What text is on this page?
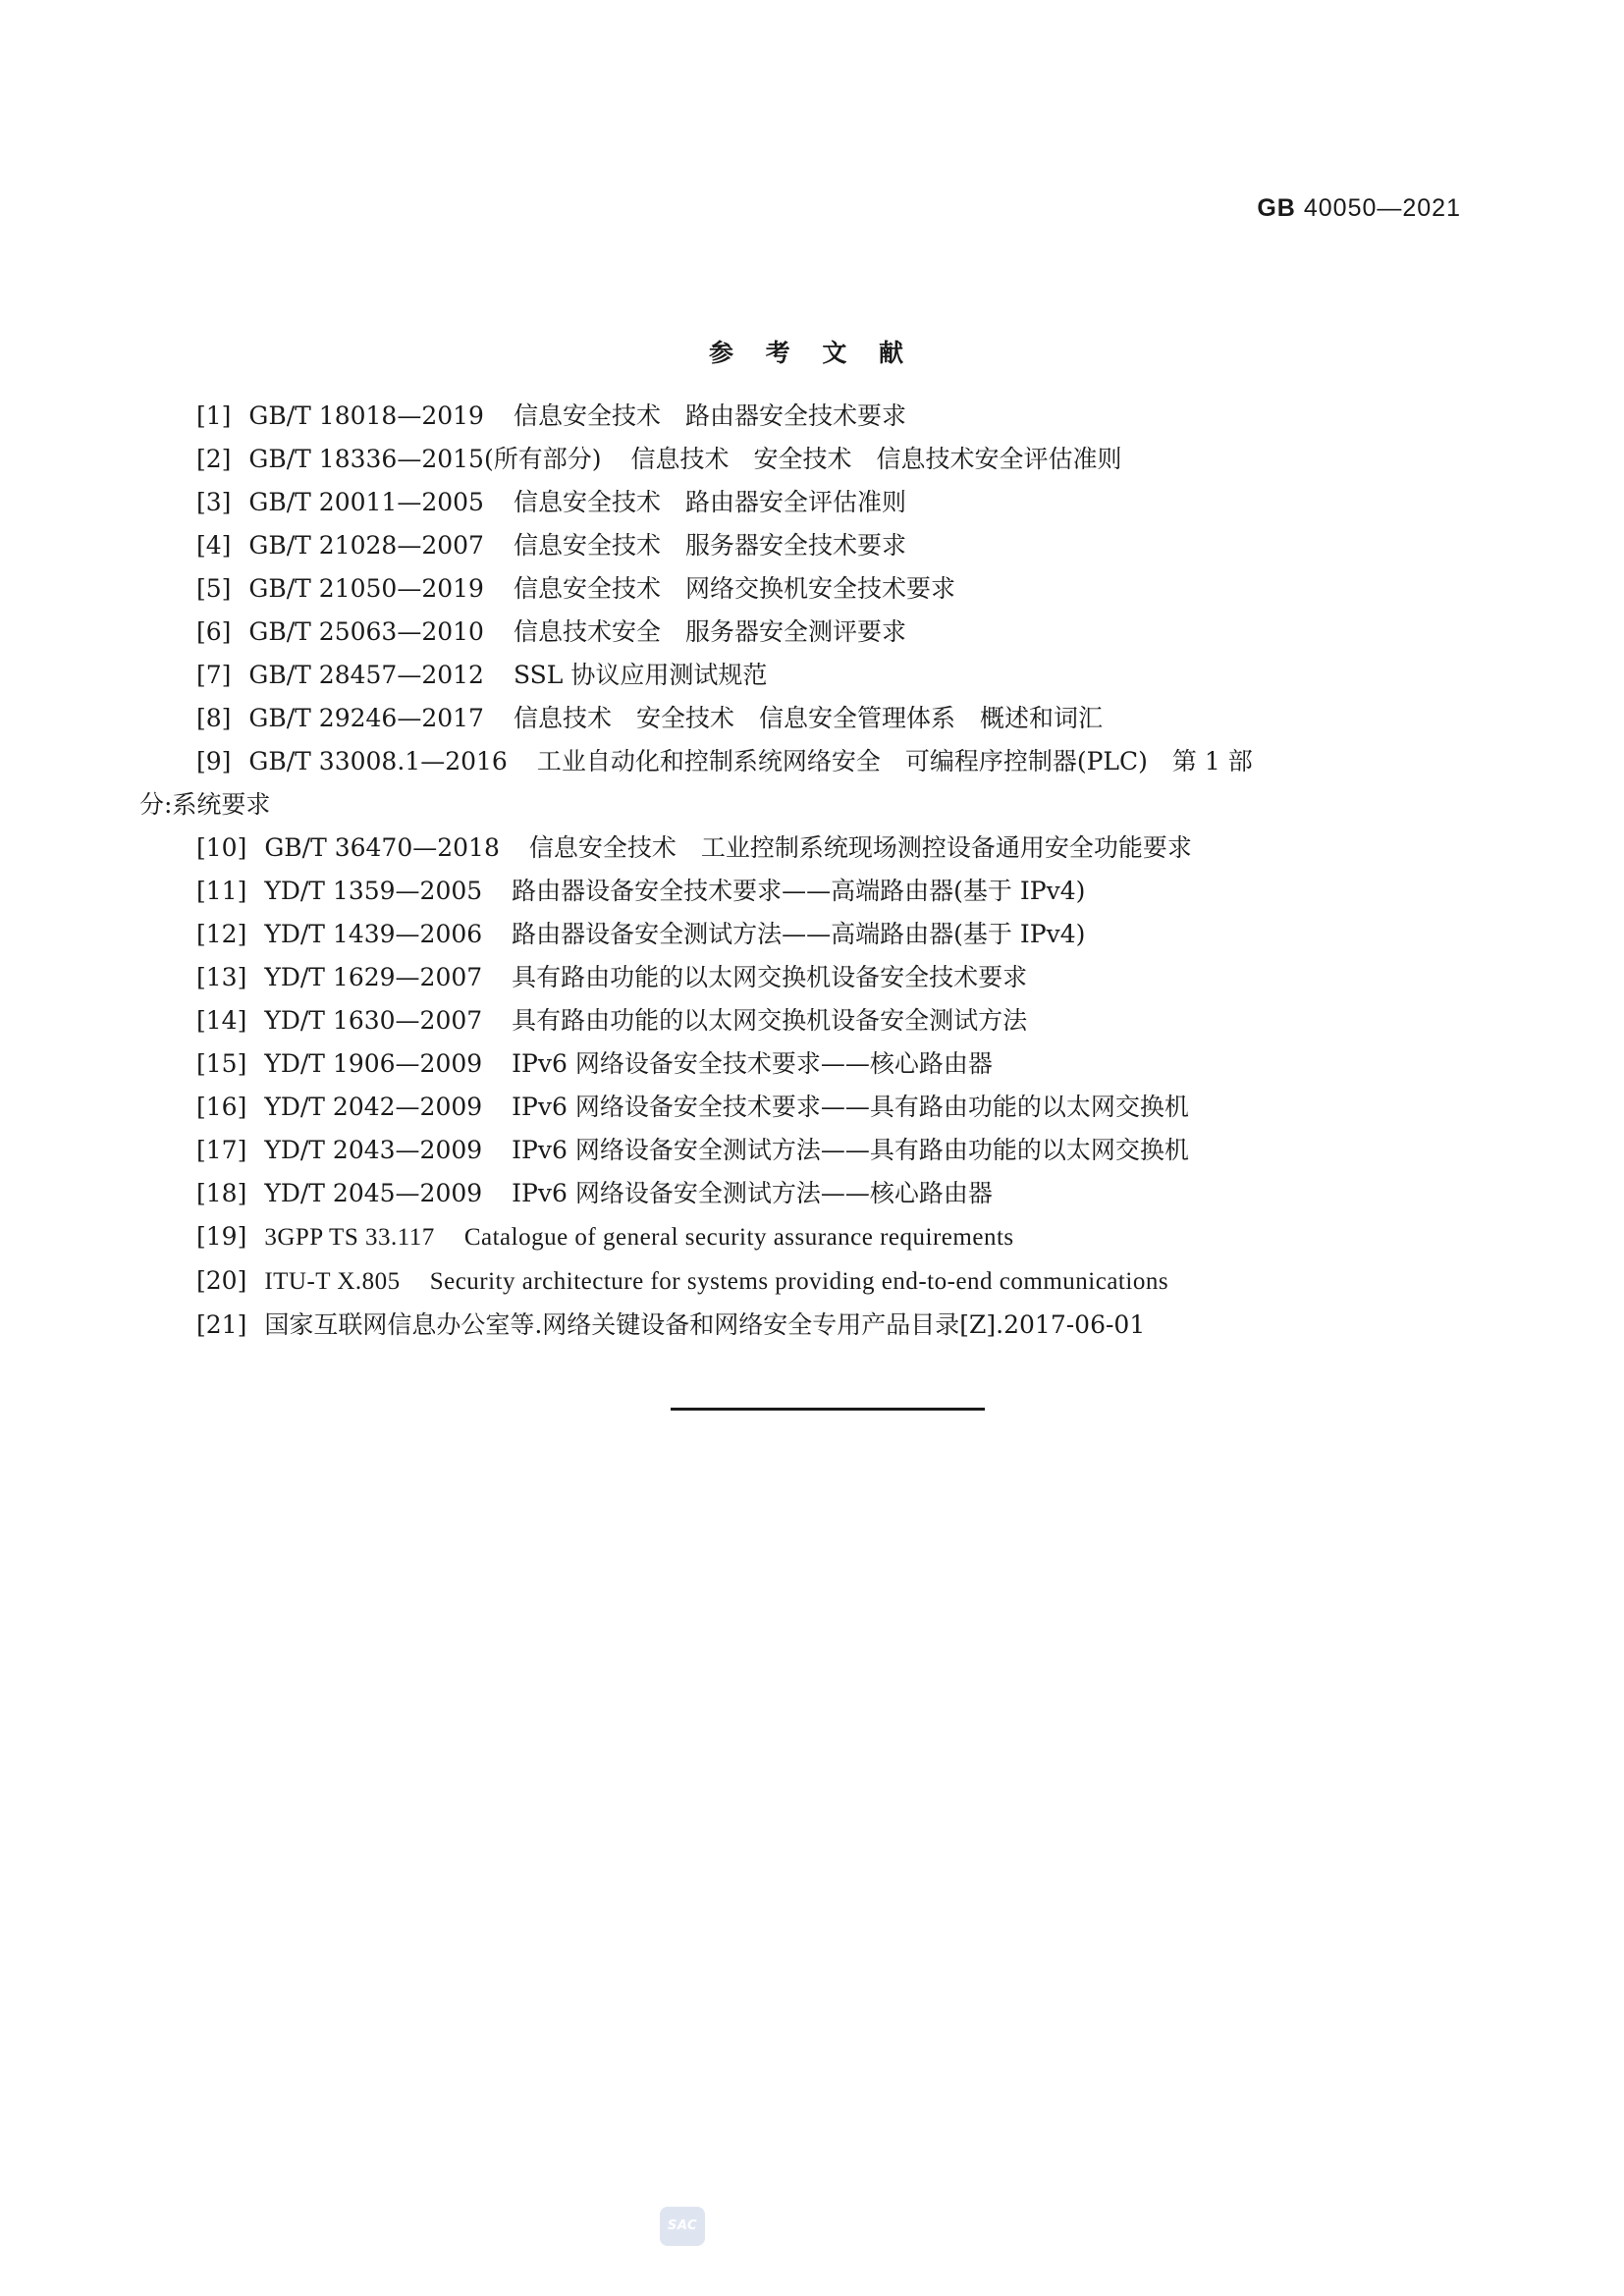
GB 40050—2021
参 考 文 献
[1] GB/T 18018—2019 信息安全技术　路由器安全技术要求
[2] GB/T 18336—2015(所有部分) 信息技术　安全技术　信息技术安全评估准则
[3] GB/T 20011—2005 信息安全技术　路由器安全评估准则
[4] GB/T 21028—2007 信息安全技术　服务器安全技术要求
[5] GB/T 21050—2019 信息安全技术　网络交换机安全技术要求
[6] GB/T 25063—2010 信息技术安全　服务器安全测评要求
[7] GB/T 28457—2012 SSL 协议应用测试规范
[8] GB/T 29246—2017 信息技术　安全技术　信息安全管理体系　概述和词汇
[9] GB/T 33008.1—2016 工业自动化和控制系统网络安全　可编程序控制器(PLC)　第 1 部
分:系统要求
[10] GB/T 36470—2018 信息安全技术　工业控制系统现场测控设备通用安全功能要求
[11] YD/T 1359—2005 路由器设备安全技术要求——高端路由器(基于 IPv4)
[12] YD/T 1439—2006 路由器设备安全测试方法——高端路由器(基于 IPv4)
[13] YD/T 1629—2007 具有路由功能的以太网交换机设备安全技术要求
[14] YD/T 1630—2007 具有路由功能的以太网交换机设备安全测试方法
[15] YD/T 1906—2009 IPv6 网络设备安全技术要求——核心路由器
[16] YD/T 2042—2009 IPv6 网络设备安全技术要求——具有路由功能的以太网交换机
[17] YD/T 2043—2009 IPv6 网络设备安全测试方法——具有路由功能的以太网交换机
[18] YD/T 2045—2009 IPv6 网络设备安全测试方法——核心路由器
[19] 3GPP TS 33.117 Catalogue of general security assurance requirements
[20] ITU-T X.805 Security architecture for systems providing end-to-end communications
[21] 国家互联网信息办公室等.网络关键设备和网络安全专用产品目录[Z].2017-06-01
SAC
